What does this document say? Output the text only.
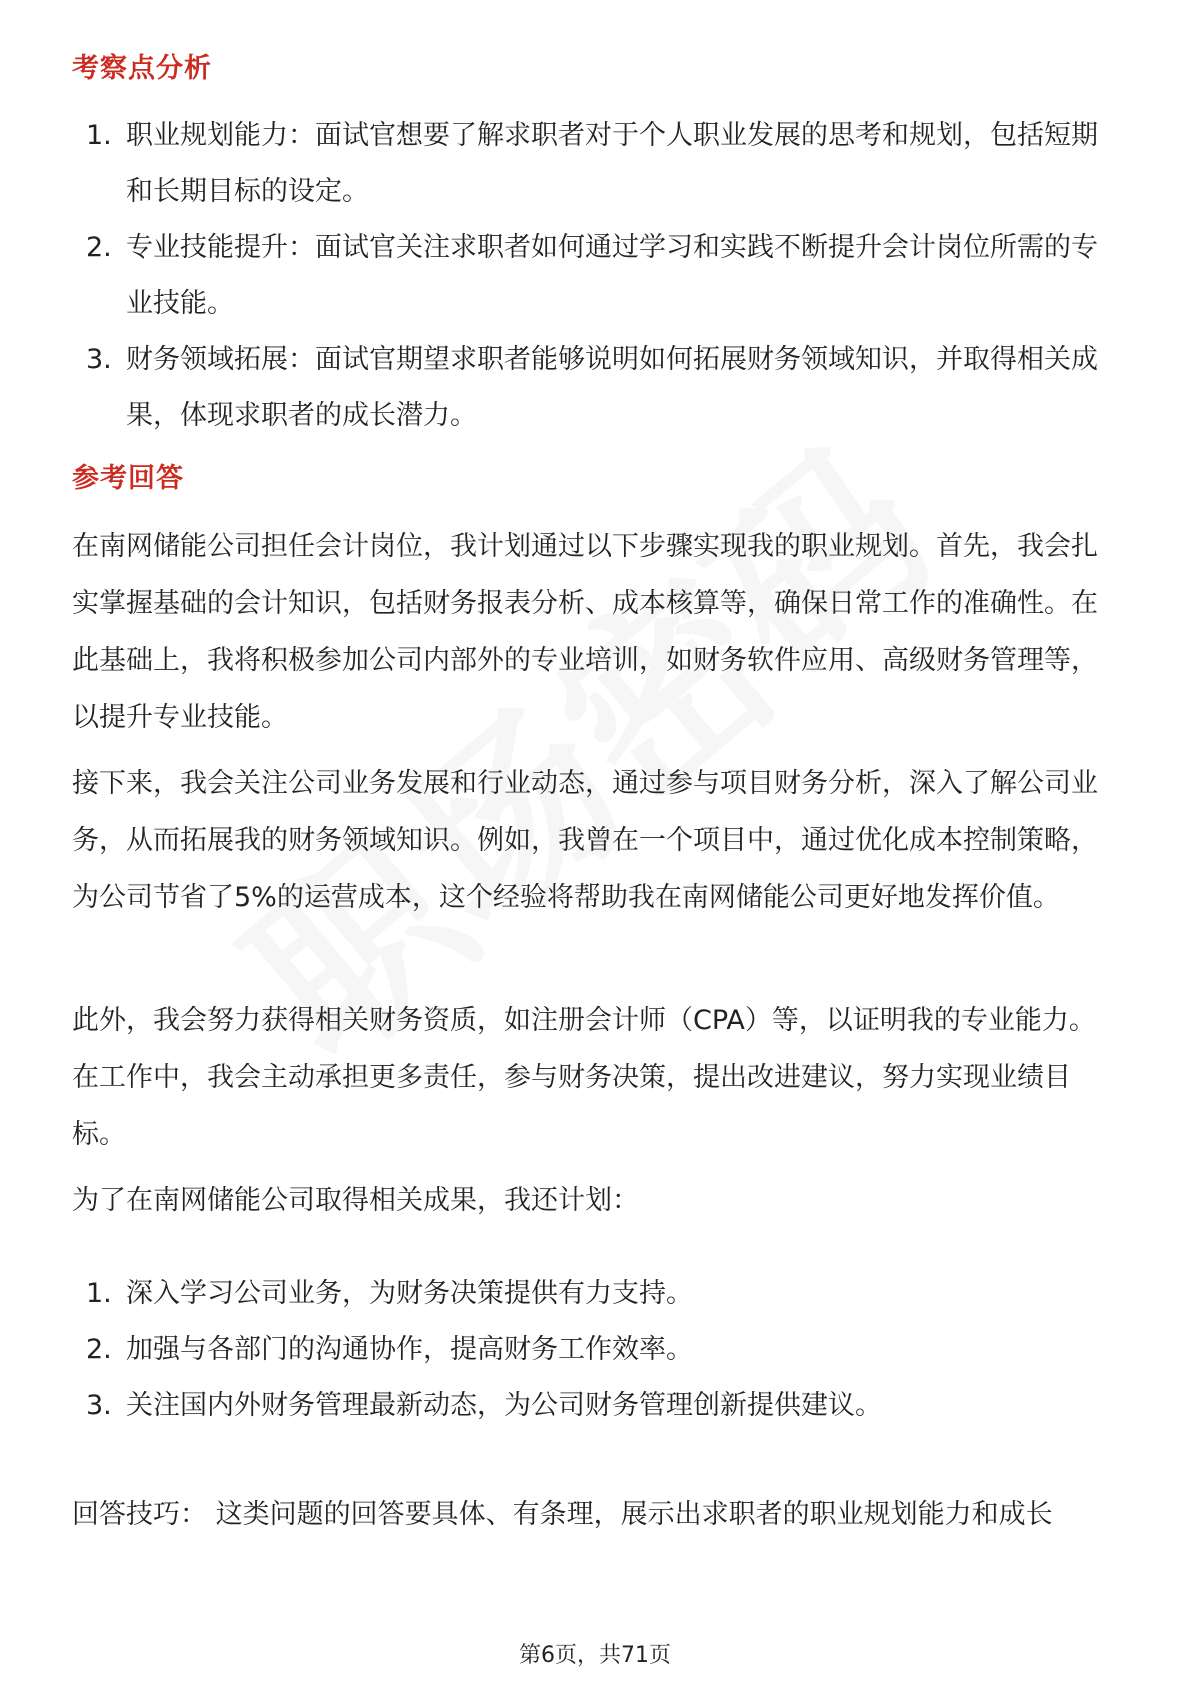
考察点分析
1. 职业规划能力：面试官想要了解求职者对于个人职业发展的思考和规划，包括短期和长期目标的设定。
2. 专业技能提升：面试官关注求职者如何通过学习和实践不断提升会计岗位所需的专业技能。
3. 财务领域拓展：面试官期望求职者能够说明如何拓展财务领域知识，并取得相关成果，体现求职者的成长潜力。
参考回答

在南网储能公司担任会计岗位，我计划通过以下步骤实现我的职业规划。首先，我会扎实掌握基础的会计知识，包括财务报表分析、成本核算等，确保日常工作的准确性。在此基础上，我将积极参加公司内部外的专业培训，如财务软件应用、高级财务管理等，以提升专业技能。

接下来，我会关注公司业务发展和行业动态，通过参与项目财务分析，深入了解公司业务，从而拓展我的财务领域知识。例如，我曾在一个项目中，通过优化成本控制策略，为公司节省了5%的运营成本，这个经验将帮助我在南网储能公司更好地发挥价值。

此外，我会努力获得相关财务资质，如注册会计师（CPA）等，以证明我的专业能力。在工作中，我会主动承担更多责任，参与财务决策，提出改进建议，努力实现业绩目标。

为了在南网储能公司取得相关成果，我还计划：

1. 深入学习公司业务，为财务决策提供有力支持。
2. 加强与各部门的沟通协作，提高财务工作效率。
3. 关注国内外财务管理最新动态，为公司财务管理创新提供建议。

回答技巧： 这类问题的回答要具体、有条理，展示出求职者的职业规划能力和成长

第6页，共71页
